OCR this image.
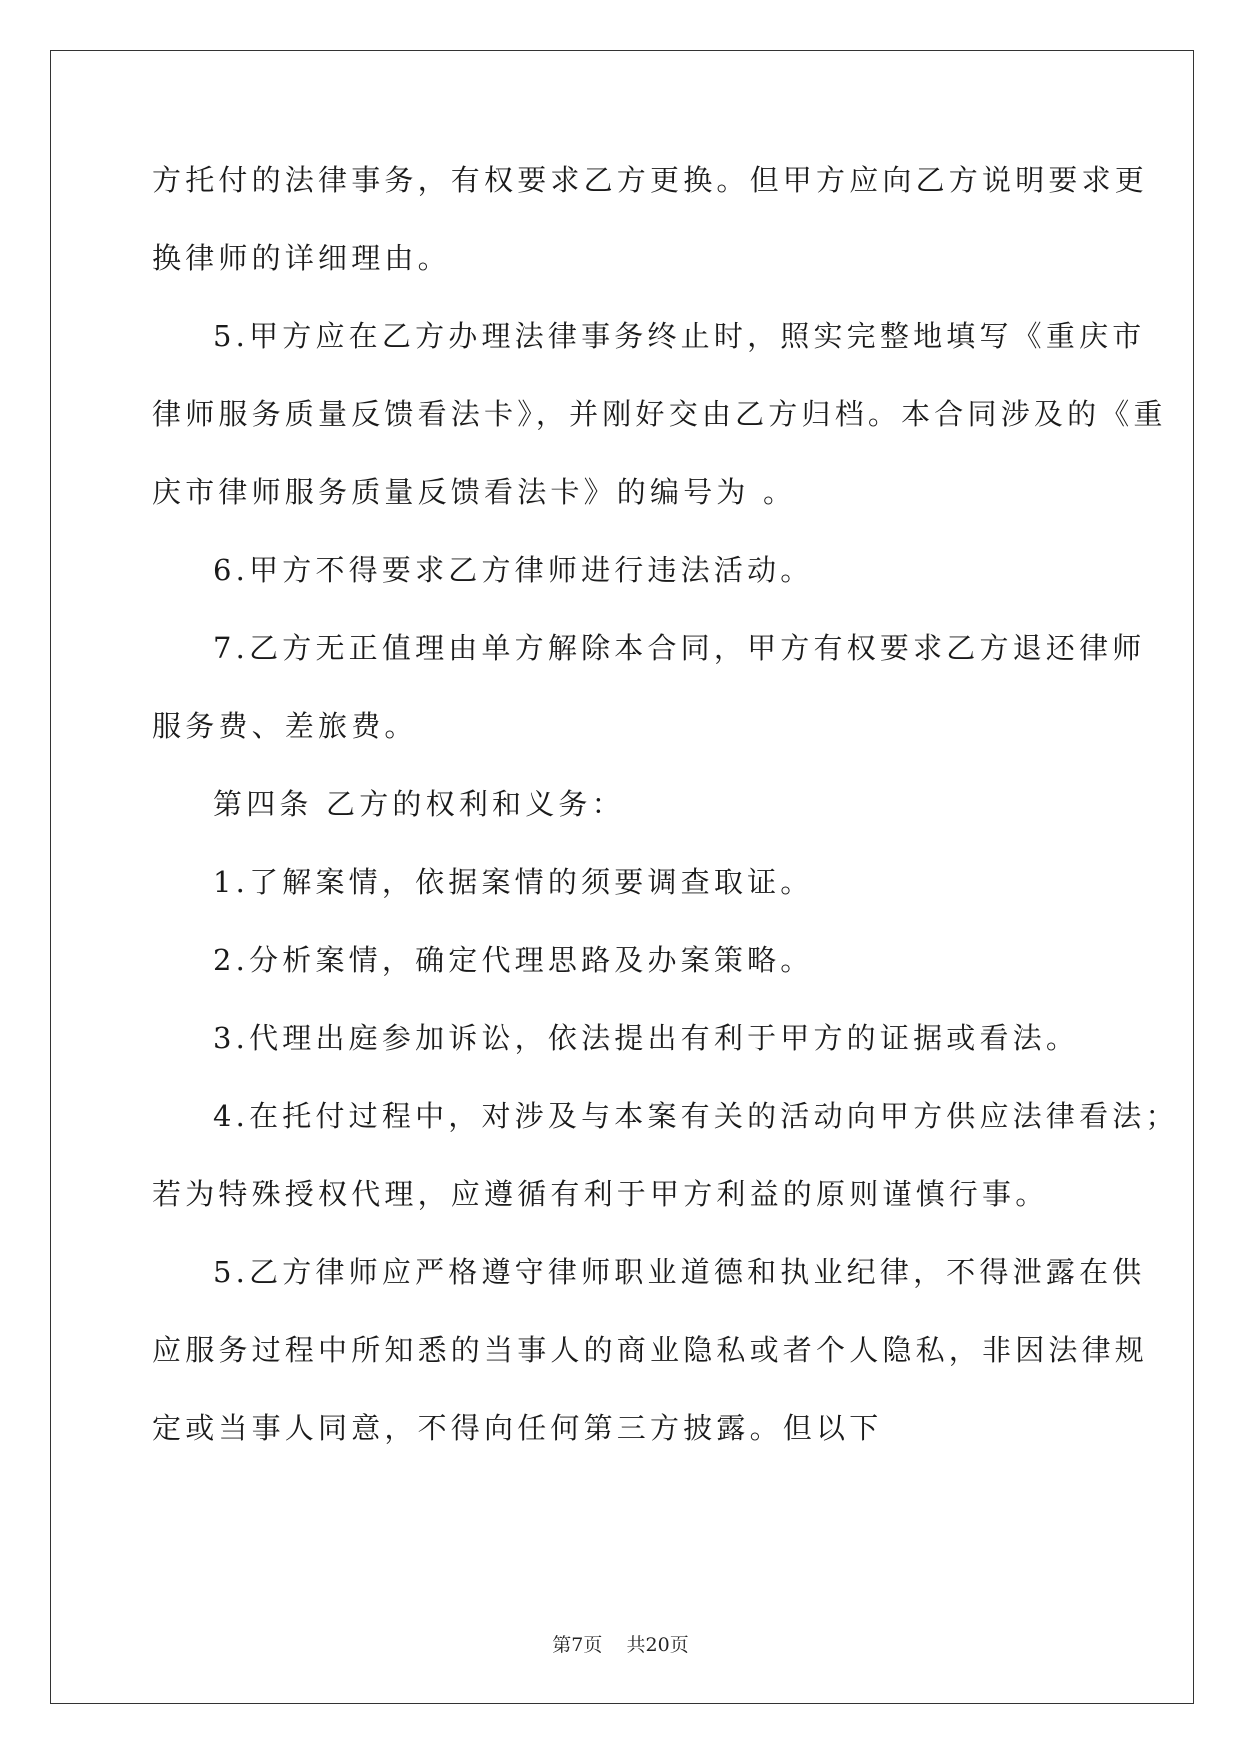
方托付的法律事务，有权要求乙方更换。但甲方应向乙方说明要求更
换律师的详细理由。
5.甲方应在乙方办理法律事务终止时，照实完整地填写《重庆市
律师服务质量反馈看法卡》，并刚好交由乙方归档。本合同涉及的《重
庆市律师服务质量反馈看法卡》的编号为 。
6.甲方不得要求乙方律师进行违法活动。
7.乙方无正值理由单方解除本合同，甲方有权要求乙方退还律师
服务费、差旅费。
第四条 乙方的权利和义务：
1.了解案情，依据案情的须要调查取证。
2.分析案情，确定代理思路及办案策略。
3.代理出庭参加诉讼，依法提出有利于甲方的证据或看法。
4.在托付过程中，对涉及与本案有关的活动向甲方供应法律看法；
若为特殊授权代理，应遵循有利于甲方利益的原则谨慎行事。
5.乙方律师应严格遵守律师职业道德和执业纪律，不得泄露在供
应服务过程中所知悉的当事人的商业隐私或者个人隐私，非因法律规
定或当事人同意，不得向任何第三方披露。但以下
第7页    共20页
